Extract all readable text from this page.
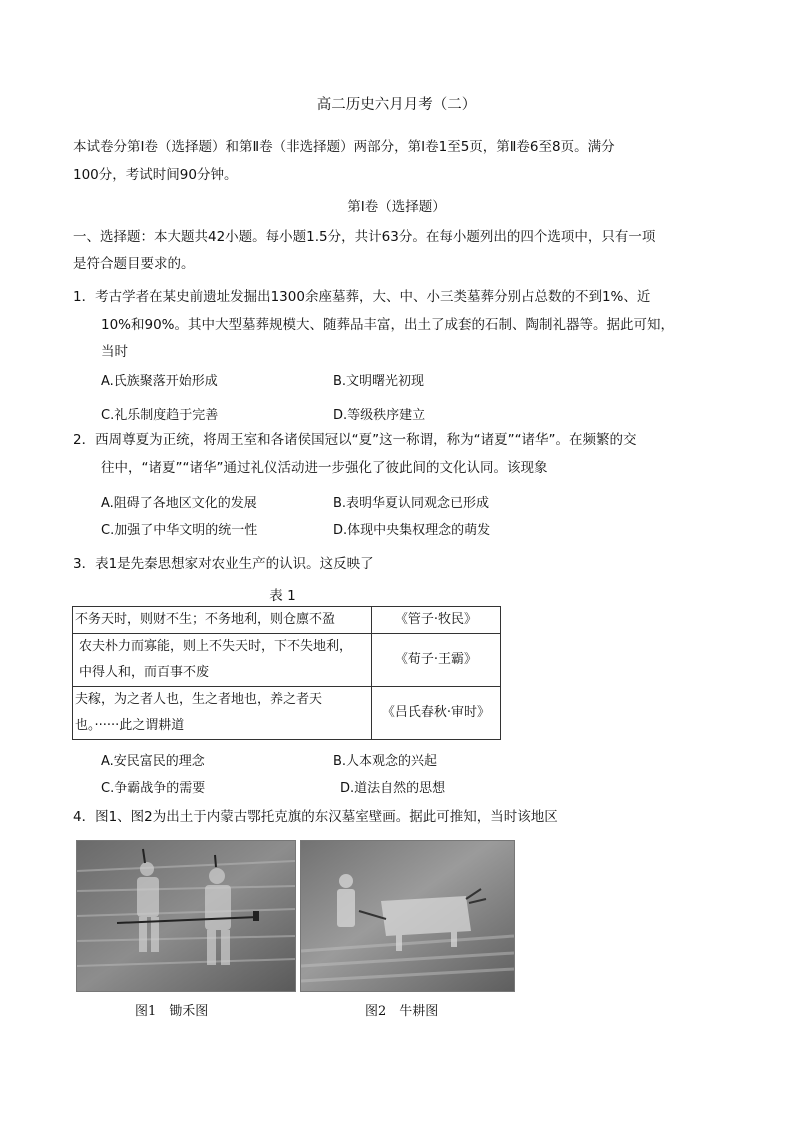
高二历史六月月考（二）
本试卷分第Ⅰ卷（选择题）和第Ⅱ卷（非选择题）两部分，第Ⅰ卷1至5页，第Ⅱ卷6至8页。满分
100分，考试时间90分钟。
第Ⅰ卷（选择题）
一、选择题：本大题共42小题。每小题1.5分，共计63分。在每小题列出的四个选项中，只有一项
是符合题目要求的。
1．考古学者在某史前遗址发掘出1300余座墓葬，大、中、小三类墓葬分别占总数的不到1%、近
10%和90%。其中大型墓葬规模大、随葬品丰富，出土了成套的石制、陶制礼器等。据此可知，
当时
A.氏族聚落开始形成	B.文明曙光初现
C.礼乐制度趋于完善	D.等级秩序建立
2．西周尊夏为正统，将周王室和各诸侯国冠以“夏”这一称谓，称为“诸夏”“诸华”。在频繁的交
往中，“诸夏”“诸华”通过礼仪活动进一步强化了彼此间的文化认同。该现象
A.阻碍了各地区文化的发展	B.表明华夏认同观念已形成
C.加强了中华文明的统一性	D.体现中央集权理念的萌发
3．表1是先秦思想家对农业生产的认识。这反映了
表 1
不务天时，则财不生；不务地利，则仓廪不盈	《管子·牧民》
农夫朴力而寡能，则上不失天时，下不失地利，
中得人和，而百事不废	《荀子·王霸》
夫稼，为之者人也，生之者地也，养之者天
也。······此之谓耕道	《吕氏春秋·审时》
A.安民富民的理念	B.人本观念的兴起
C.争霸战争的需要	D.道法自然的思想
4．图1、图2为出土于内蒙古鄂托克旗的东汉墓室壁画。据此可推知，当时该地区
图1　锄禾图	图2　牛耕图
